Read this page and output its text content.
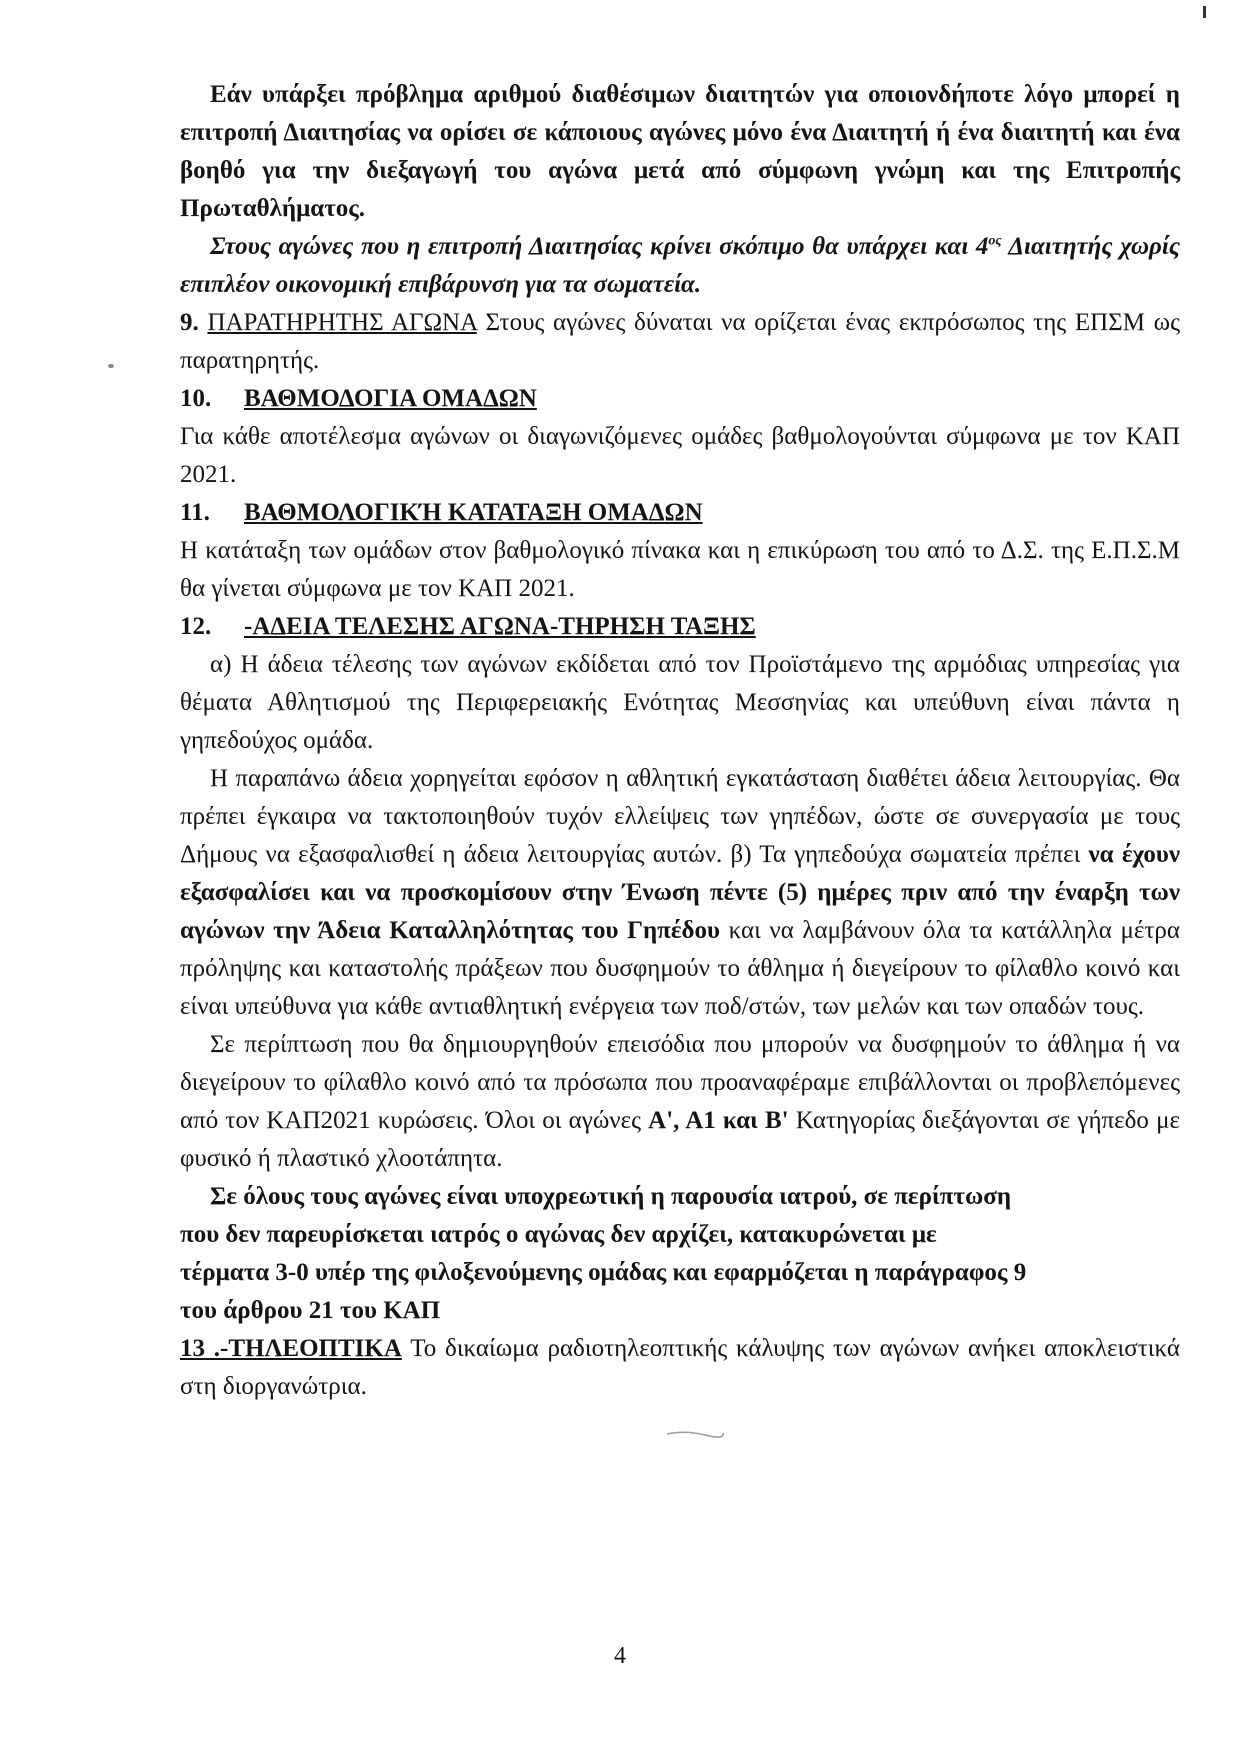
Εάν υπάρξει πρόβλημα αριθμού διαθέσιμων διαιτητών για οποιονδήποτε λόγο μπορεί η επιτροπή Διαιτησίας να ορίσει σε κάποιους αγώνες μόνο ένα Διαιτητή ή ένα διαιτητή και ένα βοηθό για την διεξαγωγή του αγώνα μετά από σύμφωνη γνώμη και της Επιτροπής Πρωταθλήματος.

Στους αγώνες που η επιτροπή Διαιτησίας κρίνει σκόπιμο θα υπάρχει και $4^{o\varsigma}$ Διαιτητής χωρίς επιπλέον οικονομική επιβάρυνση για τα σωματεία.

9. ΠΑΡΑΤΗΡΗΤΗΣ ΑΓΩΝΑ Στους αγώνες δύναται να ορίζεται ένας εκπρόσωπος της ΕΠΣΜ ως παρατηρητής.

10. ΒΑΘΜΟΔΟΓΙΑ ΟΜΑΔΩΝ

Για κάθε αποτέλεσμα αγώνων οι διαγωνιζόμενες ομάδες βαθμολογούνται σύμφωνα με τον ΚΑΠ 2021.

11. ΒΑΘΜΟΛΟΓΙΚΉ ΚΑΤΑΤΑΞΗ ΟΜΑΔΩΝ

Η κατάταξη των ομάδων στον βαθμολογικό πίνακα και η επικύρωση του από το Δ.Σ. της Ε.Π.Σ.Μ θα γίνεται σύμφωνα με τον ΚΑΠ 2021.

12. -ΑΔΕΙΑ ΤΕΛΕΣΗΣ ΑΓΩΝΑ-ΤΗΡΗΣΗ ΤΑΞΗΣ

α) Η άδεια τέλεσης των αγώνων εκδίδεται από τον Προϊστάμενο της αρμόδιας υπηρεσίας για θέματα Αθλητισμού της Περιφερειακής Ενότητας Μεσσηνίας και υπεύθυνη είναι πάντα η γηπεδούχος ομάδα.

Η παραπάνω άδεια χορηγείται εφόσον η αθλητική εγκατάσταση διαθέτει άδεια λειτουργίας. Θα πρέπει έγκαιρα να τακτοποιηθούν τυχόν ελλείψεις των γηπέδων, ώστε σε συνεργασία με τους Δήμους να εξασφαλισθεί η άδεια λειτουργίας αυτών. β) Τα γηπεδούχα σωματεία πρέπει να έχουν εξασφαλίσει και να προσκομίσουν στην Ένωση πέντε (5) ημέρες πριν από την έναρξη των αγώνων την Άδεια Καταλληλότητας του Γηπέδου και να λαμβάνουν όλα τα κατάλληλα μέτρα πρόληψης και καταστολής πράξεων που δυσφημούν το άθλημα ή διεγείρουν το φίλαθλο κοινό και είναι υπεύθυνα για κάθε αντιαθλητική ενέργεια των ποδ/στών, των μελών και των οπαδών τους.

Σε περίπτωση που θα δημιουργηθούν επεισόδια που μπορούν να δυσφημούν το άθλημα ή να διεγείρουν το φίλαθλο κοινό από τα πρόσωπα που προαναφέραμε επιβάλλονται οι προβλεπόμενες από τον ΚΑΠ2021 κυρώσεις. Όλοι οι αγώνες Α', Α1 και Β' Κατηγορίας διεξάγονται σε γήπεδο με φυσικό ή πλαστικό χλοοτάπητα.

Σε όλους τους αγώνες είναι υποχρεωτική η παρουσία ιατρού, σε περίπτωση

που δεν παρευρίσκεται ιατρός ο αγώνας δεν αρχίζει, κατακυρώνεται με

τέρματα 3-0 υπέρ της φιλοξενούμενης ομάδας και εφαρμόζεται η παράγραφος 9

του άρθρου 21 του ΚΑΠ

13 .-ΤΗΛΕΟΠΤΙΚΑ Το δικαίωμα ραδιοτηλεοπτικής κάλυψης των αγώνων ανήκει αποκλειστικά στη διοργανώτρια.

4
